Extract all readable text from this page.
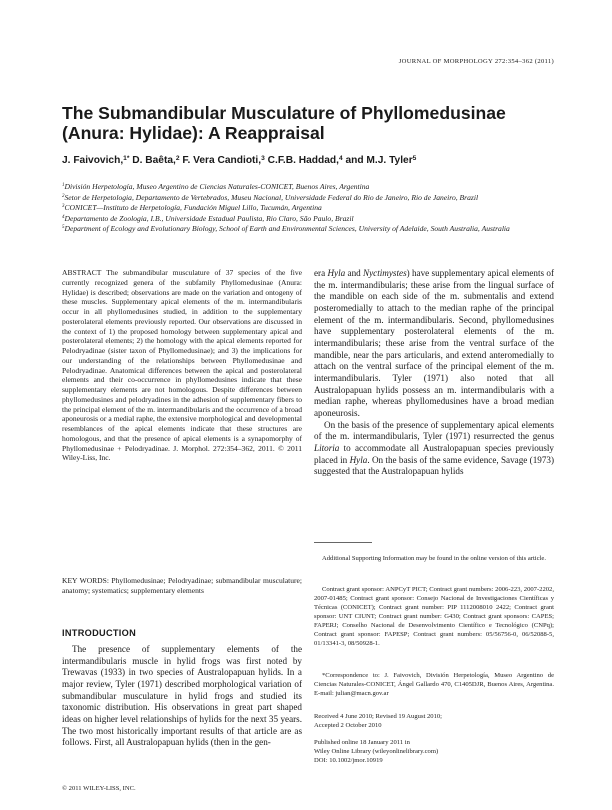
JOURNAL OF MORPHOLOGY 272:354–362 (2011)
The Submandibular Musculature of Phyllomedusinae
(Anura: Hylidae): A Reappraisal
J. Faivovich,$^{1*}$ D. Baêta,$^2$ F. Vera Candioti,$^3$ C.F.B. Haddad,$^4$ and M.J. Tyler$^5$

$^1$División Herpetología, Museo Argentino de Ciencias Naturales-CONICET, Buenos Aires, Argentina

$^2$Setor de Herpetologia, Departamento de Vertebrados, Museu Nacional, Universidade Federal do Rio de Janeiro, Rio de Janeiro, Brazil

$^3$CONICET—Instituto de Herpetología, Fundación Miguel Lillo, Tucumán, Argentina

$^4$Departamento de Zoologia, I.B., Universidade Estadual Paulista, Rio Claro, São Paulo, Brazil

$^5$Department of Ecology and Evolutionary Biology, School of Earth and Environmental Sciences, University of Adelaide, South Australia, Australia

ABSTRACT The submandibular musculature of 37 species of the five currently recognized genera of the subfamily Phyllomedusinae (Anura: Hylidae) is described; observations are made on the variation and ontogeny of these muscles. Supplementary apical elements of the m. intermandibularis occur in all phyllomedusines studied, in addition to the supplementary posterolateral elements previously reported. Our observations are discussed in the context of 1) the proposed homology between supplementary apical and posterolateral elements; 2) the homology with the apical elements reported for Pelodryadinae (sister taxon of Phyllomedusinae); and 3) the implications for our understanding of the relationships between Phyllomedusinae and Pelodryadinae. Anatomical differences between the apical and posterolateral elements and their co-occurrence in phyllomedusines indicate that these supplementary elements are not homologous. Despite differences between phyllomedusines and pelodryadines in the adhesion of supplementary fibers to the principal element of the m. intermandibularis and the occurrence of a broad aponeurosis or a medial raphe, the extensive morphological and developmental resemblances of the apical elements indicate that these structures are homologous, and that the presence of apical elements is a synapomorphy of Phyllomedusinae + Pelodryadinae. J. Morphol. 272:354–362, 2011. © 2011 Wiley-Liss, Inc.

KEY WORDS: Phyllomedusinae; Pelodryadinae; submandibular musculature; anatomy; systematics; supplementary elements

INTRODUCTION

The presence of supplementary elements of the intermandibularis muscle in hylid frogs was first noted by Trewavas (1933) in two species of Australopapuan hylids. In a major review, Tyler (1971) described morphological variation of submandibular musculature in hylid frogs and studied its taxonomic distribution. His observations in great part shaped ideas on higher level relationships of hylids for the next 35 years. The two most historically important results of that article are as follows. First, all Australopapuan hylids (then in the gen-

era Hyla and Nyctimystes) have supplementary apical elements of the m. intermandibularis; these arise from the lingual surface of the mandible on each side of the m. submentalis and extend posteromedially to attach to the median raphe of the principal element of the m. intermandibularis. Second, phyllomedusines have supplementary posterolateral elements of the m. intermandibularis; these arise from the ventral surface of the mandible, near the pars articularis, and extend anteromedially to attach on the ventral surface of the principal element of the m. intermandibularis. Tyler (1971) also noted that all Australopapuan hylids possess an m. intermandibularis with a median raphe, whereas phyllomedusines have a broad median aponeurosis.

On the basis of the presence of supplementary apical elements of the m. intermandibularis, Tyler (1971) resurrected the genus Litoria to accommodate all Australopapuan species previously placed in Hyla. On the basis of the same evidence, Savage (1973) suggested that the Australopapuan hylids

Additional Supporting Information may be found in the online version of this article.

Contract grant sponsor: ANPCyT PICT; Contract grant numbers: 2006-223, 2007-2202, 2007-01485; Contract grant sponsor: Consejo Nacional de Investigaciones Científicas y Técnicas (CONICET); Contract grant number: PIP 1112008010 2422; Contract grant sponsor: UNT CIUNT; Contract grant number: G430; Contract grant sponsors: CAPES; FAPERJ; Conselho Nacional de Desenvolvimento Científico e Tecnológico (CNPq); Contract grant sponsor: FAPESP; Contract grant numbers: 05/56756-0, 06/52088-5, 01/13341-3, 08/50928-1.

*Correspondence to: J. Faivovich, División Herpetología, Museo Argentino de Ciencias Naturales-CONICET, Ángel Gallardo 470, C1405DJR, Buenos Aires, Argentina. E-mail: julian@macn.gov.ar

Received 4 June 2010; Revised 19 August 2010;

Accepted 2 October 2010

Published online 18 January 2011 in

Wiley Online Library (wileyonlinelibrary.com)

DOI: 10.1002/jmor.10919

© 2011 WILEY-LISS, INC.
